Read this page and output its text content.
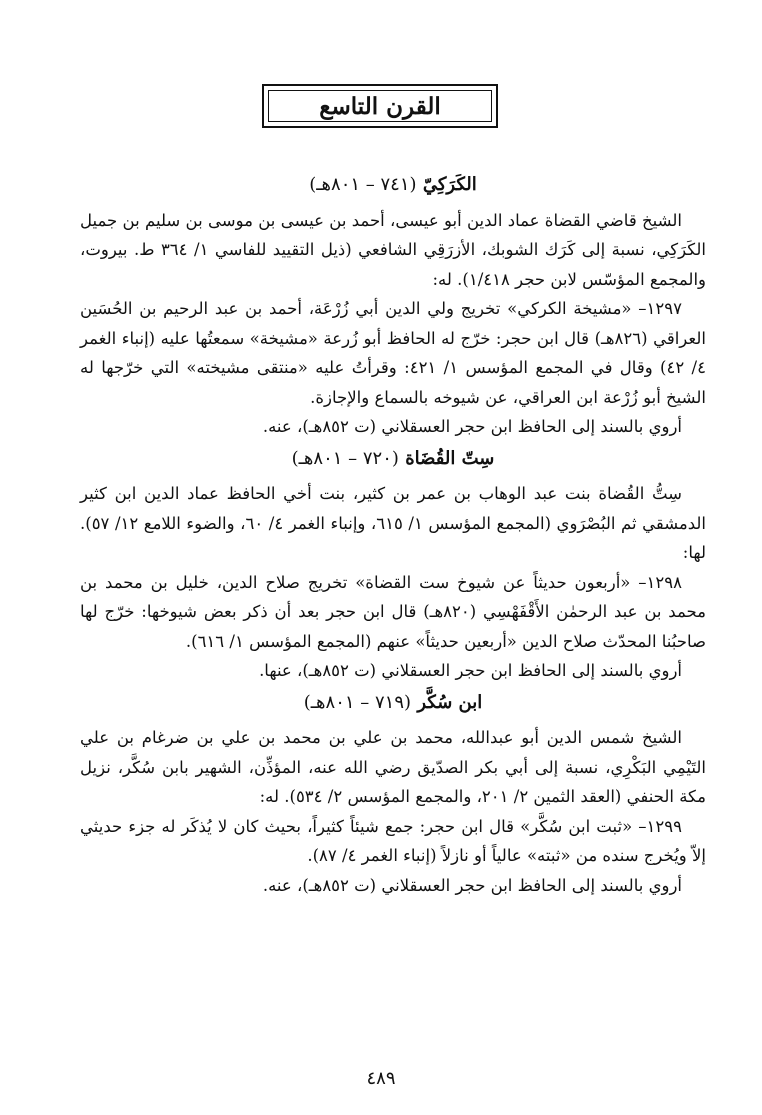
القرن التاسع

الكَرَكِيّ (٧٤١ – ٨٠١هـ)

الشيخ قاضي القضاة عماد الدين أبو عيسى، أحمد بن عيسى بن موسى بن سليم بن جميل الكَرَكِي، نسبة إلى كَرَك الشوبك، الأزرَقِي الشافعي (ذيل التقييد للفاسي ١/ ٣٦٤ ط. بيروت، والمجمع المؤسّس لابن حجر ١/٤١٨). له:

١٢٩٧– «مشيخة الكركي» تخريج ولي الدين أبي زُرْعَة، أحمد بن عبد الرحيم بن الحُسَين العراقي (٨٢٦هـ) قال ابن حجر: خرّج له الحافظ أبو زُرعة «مشيخة» سمعتُها عليه (إنباء الغمر ٤/ ٤٢) وقال في المجمع المؤسس ١/ ٤٢١: وقرأتُ عليه «منتقى مشيخته» التي خرّجها له الشيخ أبو زُرْعة ابن العراقي، عن شيوخه بالسماع والإجازة.

أروي بالسند إلى الحافظ ابن حجر العسقلاني (ت ٨٥٢هـ)، عنه.

سِتّ القُضَاة (٧٢٠ – ٨٠١هـ)

سِتُّ القُضاة بنت عبد الوهاب بن عمر بن كثير، بنت أخي الحافظ عماد الدين ابن كثير الدمشقي ثم البُصْرَوي (المجمع المؤسس ١/ ٦١٥، وإنباء الغمر ٤/ ٦٠، والضوء اللامع ١٢/ ٥٧). لها:

١٢٩٨– «أربعون حديثاً عن شيوخ ست القضاة» تخريج صلاح الدين، خليل بن محمد بن محمد بن عبد الرحمٰن الأَقْفَهْسِي (٨٢٠هـ) قال ابن حجر بعد أن ذكر بعض شيوخها: خرّج لها صاحبُنا المحدّث صلاح الدين «أربعين حديثاً» عنهم (المجمع المؤسس ١/ ٦١٦).

أروي بالسند إلى الحافظ ابن حجر العسقلاني (ت ٨٥٢هـ)، عنها.

ابن سُكَّر (٧١٩ – ٨٠١هـ)

الشيخ شمس الدين أبو عبدالله، محمد بن علي بن محمد بن علي بن ضرغام بن علي التَيْمِي البَكْرِي، نسبة إلى أبي بكر الصدّيق رضي الله عنه، المؤذِّن، الشهير بابن سُكَّر، نزيل مكة الحنفي (العقد الثمين ٢/ ٢٠١، والمجمع المؤسس ٢/ ٥٣٤). له:

١٢٩٩– «ثبت ابن سُكَّر» قال ابن حجر: جمع شيئاً كثيراً، بحيث كان لا يُذكَر له جزء حديثي إلاّ ويُخرج سنده من «ثبته» عالياً أو نازلاً (إنباء الغمر ٤/ ٨٧).

أروي بالسند إلى الحافظ ابن حجر العسقلاني (ت ٨٥٢هـ)، عنه.

٤٨٩
